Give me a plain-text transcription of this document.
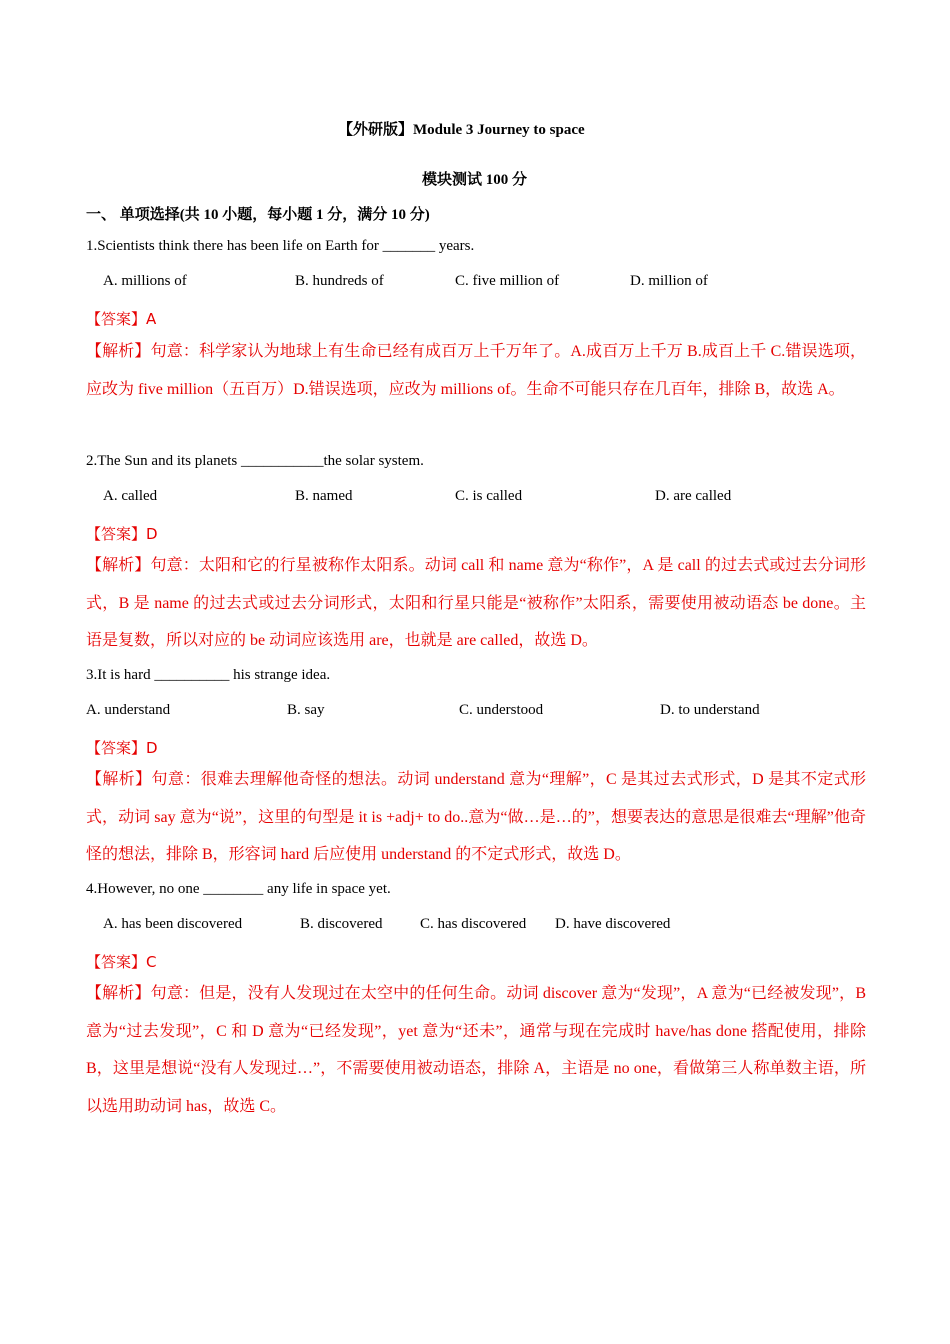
【外研版】Module 3 Journey to space
模块测试 100 分
一、 单项选择(共 10 小题，每小题 1 分，满分 10 分)
1.Scientists think there has been life on Earth for _______ years.
A. millions of	B. hundreds of	C. five million of	D. million of
【答案】A
【解析】句意：科学家认为地球上有生命已经有成百万上千万年了。A.成百万上千万 B.成百上千 C.错误选项，应改为 five million（五百万）D.错误选项，应改为 millions of。生命不可能只存在几百年，排除 B，故选 A。
2.The Sun and its planets ___________the solar system.
A. called	B. named	C. is called	D. are called
【答案】D
【解析】句意：太阳和它的行星被称作太阳系。动词 call 和 name 意为“称作”，A 是 call 的过去式或过去分词形式，B 是 name 的过去式或过去分词形式，太阳和行星只能是“被称作”太阳系，需要使用被动语态 be done。主语是复数，所以对应的 be 动词应该选用 are，也就是 are called，故选 D。
3.It is hard __________ his strange idea.
A. understand	B. say	C. understood	D. to understand
【答案】D
【解析】句意：很难去理解他奇怪的想法。动词 understand 意为“理解”，C 是其过去式形式，D 是其不定式形式，动词 say 意为“说”，这里的句型是 it is +adj+ to do..意为“做…是…的”，想要表达的意思是很难去“理解”他奇怪的想法，排除 B，形容词 hard 后应使用 understand 的不定式形式，故选 D。
4.However, no one ________ any life in space yet.
A. has been discovered	B. discovered	C. has discovered D. have discovered
【答案】C
【解析】句意：但是，没有人发现过在太空中的任何生命。动词 discover 意为“发现”，A 意为“已经被发现”，B 意为“过去发现”，C 和 D 意为“已经发现”，yet 意为“还未”，通常与现在完成时 have/has done 搭配使用，排除 B，这里是想说“没有人发现过…”，不需要使用被动语态，排除 A，主语是 no one，看做第三人称单数主语，所以选用助动词 has，故选 C。
